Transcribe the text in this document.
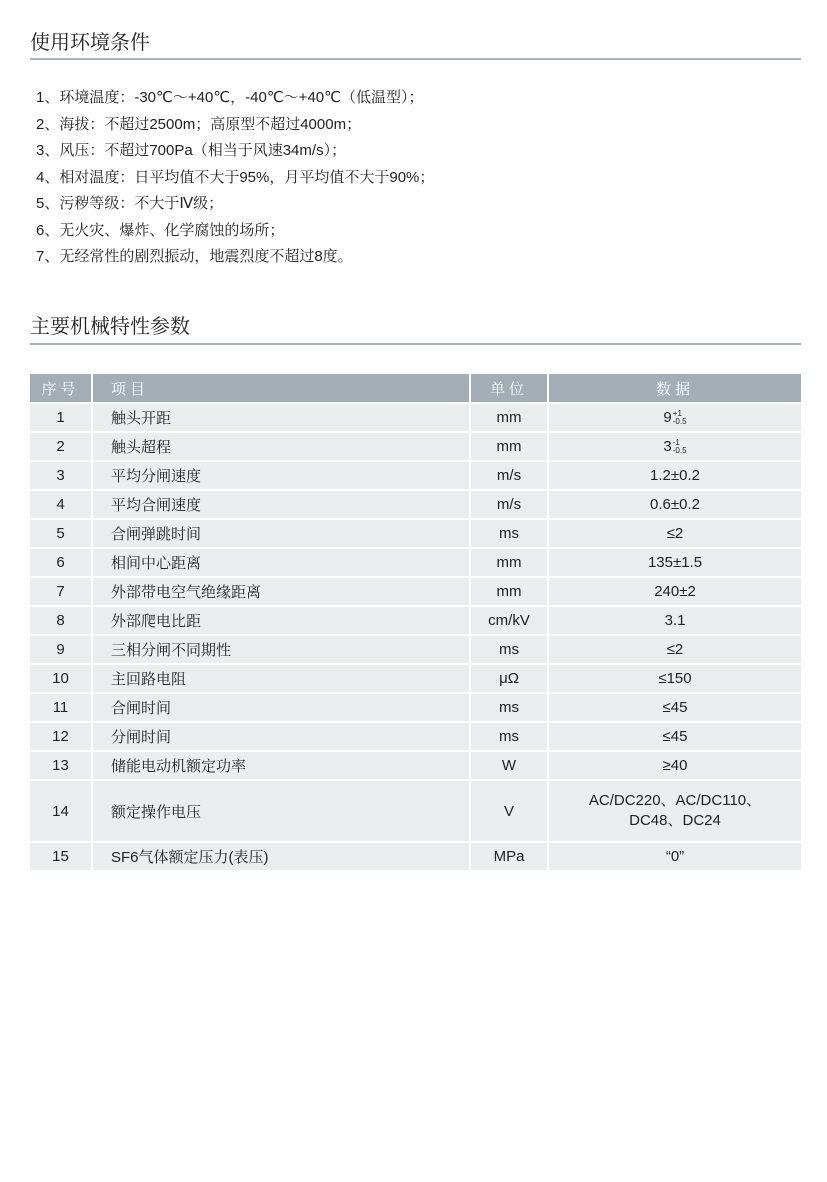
使用环境条件
1、环境温度：-30℃～+40℃，-40℃～+40℃（低温型）；
2、海拔：不超过2500m；高原型不超过4000m；
3、风压：不超过700Pa（相当于风速34m/s）；
4、相对温度：日平均值不大于95%，月平均值不大于90%；
5、污秽等级：不大于Ⅳ级；
6、无火灾、爆炸、化学腐蚀的场所；
7、无经常性的剧烈振动，地震烈度不超过8度。
主要机械特性参数
序号	项目	单位	数据
1	触头开距	mm	9 +1
-0.5

2	触头超程	mm	3 -1
-0.5

3	平均分闸速度	m/s	1.2±0.2
4	平均合闸速度	m/s	0.6±0.2
5	合闸弹跳时间	ms	≤2
6	相间中心距离	mm	135±1.5
7	外部带电空气绝缘距离	mm	240±2
8	外部爬电比距	cm/kV	3.1
9	三相分闸不同期性	ms	≤2
10	主回路电阻	μΩ	≤150
11	合闸时间	ms	≤45
12	分闸时间	ms	≤45
13	储能电动机额定功率	W	≥40
14	额定操作电压	V	AC/DC220、AC/DC110、DC48、DC24
15	SF6气体额定压力(表压)	MPa	“0”
